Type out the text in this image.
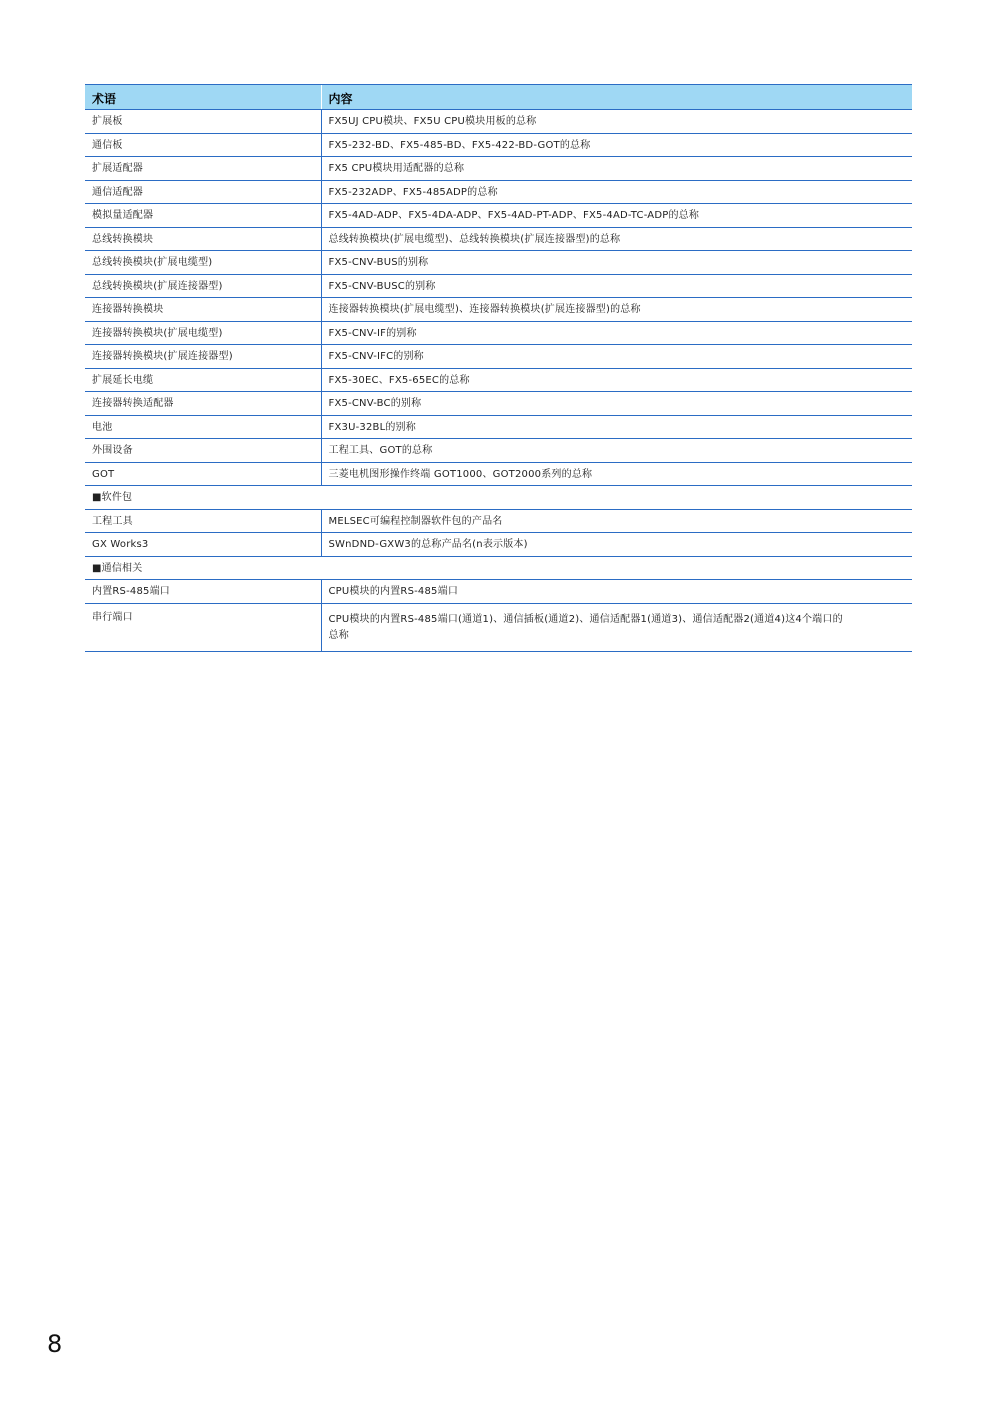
术语	内容
扩展板	FX5UJ CPU模块、FX5U CPU模块用板的总称
通信板	FX5-232-BD、FX5-485-BD、FX5-422-BD-GOT的总称
扩展适配器	FX5 CPU模块用适配器的总称
通信适配器	FX5-232ADP、FX5-485ADP的总称
模拟量适配器	FX5-4AD-ADP、FX5-4DA-ADP、FX5-4AD-PT-ADP、FX5-4AD-TC-ADP的总称
总线转换模块	总线转换模块(扩展电缆型)、总线转换模块(扩展连接器型)的总称
总线转换模块(扩展电缆型)	FX5-CNV-BUS的别称
总线转换模块(扩展连接器型)	FX5-CNV-BUSC的别称
连接器转换模块	连接器转换模块(扩展电缆型)、连接器转换模块(扩展连接器型)的总称
连接器转换模块(扩展电缆型)	FX5-CNV-IF的别称
连接器转换模块(扩展连接器型)	FX5-CNV-IFC的别称
扩展延长电缆	FX5-30EC、FX5-65EC的总称
连接器转换适配器	FX5-CNV-BC的别称
电池	FX3U-32BL的别称
外围设备	工程工具、GOT的总称
GOT	三菱电机图形操作终端 GOT1000、GOT2000系列的总称
■软件包	
工程工具	MELSEC可编程控制器软件包的产品名
GX Works3	SWnDND-GXW3的总称产品名(n表示版本)
■通信相关	
内置RS-485端口	CPU模块的内置RS-485端口
串行端口	CPU模块的内置RS-485端口(通道1)、通信插板(通道2)、通信适配器1(通道3)、通信适配器2(通道4)这4个端口的
总称
8
